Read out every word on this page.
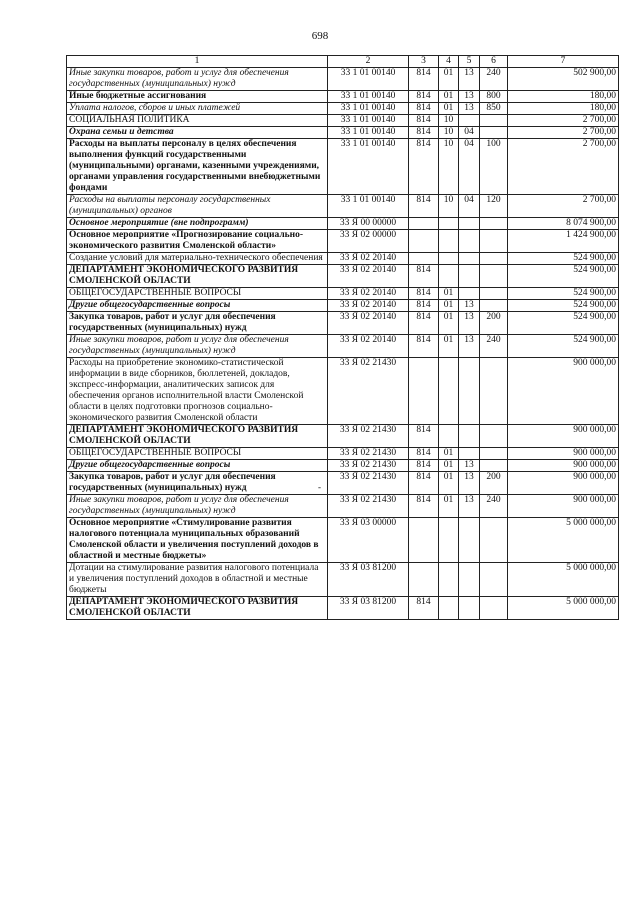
698
1	2	3	4	5	6	7
Иные закупки товаров, работ и услуг для обеспечения государственных (муниципальных) нужд	33 1 01 00140	814	01	13	240	502 900,00
Иные бюджетные ассигнования	33 1 01 00140	814	01	13	800	180,00
Уплата налогов, сборов и иных платежей	33 1 01 00140	814	01	13	850	180,00
СОЦИАЛЬНАЯ ПОЛИТИКА	33 1 01 00140	814	10			2 700,00
Охрана семьи и детства	33 1 01 00140	814	10	04		2 700,00
Расходы на выплаты персоналу в целях обеспечения выполнения функций государственными (муниципальными) органами, казенными учреждениями, органами управления государственными внебюджетными фондами	33 1 01 00140	814	10	04	100	2 700,00
Расходы на выплаты персоналу государственных (муниципальных) органов	33 1 01 00140	814	10	04	120	2 700,00
Основное мероприятие (вне подпрограмм)	33 Я 00 00000					8 074 900,00
Основное мероприятие «Прогнозирование социально-экономического развития Смоленской области»	33 Я 02 00000					1 424 900,00
Создание условий для материально-технического обеспечения	33 Я 02 20140					524 900,00
ДЕПАРТАМЕНТ ЭКОНОМИЧЕСКОГО РАЗВИТИЯ СМОЛЕНСКОЙ ОБЛАСТИ	33 Я 02 20140	814				524 900,00
ОБЩЕГОСУДАРСТВЕННЫЕ ВОПРОСЫ	33 Я 02 20140	814	01			524 900,00
Другие общегосударственные вопросы	33 Я 02 20140	814	01	13		524 900,00
Закупка товаров, работ и услуг для обеспечения государственных (муниципальных) нужд	33 Я 02 20140	814	01	13	200	524 900,00
Иные закупки товаров, работ и услуг для обеспечения государственных (муниципальных) нужд	33 Я 02 20140	814	01	13	240	524 900,00
Расходы на приобретение экономико-статистической информации в виде сборников, бюллетеней, докладов, экспресс-информации, аналитических записок для обеспечения органов исполнительной власти Смоленской области в целях подготовки прогнозов социально-экономического развития Смоленской области	33 Я 02 21430					900 000,00
ДЕПАРТАМЕНТ ЭКОНОМИЧЕСКОГО РАЗВИТИЯ СМОЛЕНСКОЙ ОБЛАСТИ	33 Я 02 21430	814				900 000,00
ОБЩЕГОСУДАРСТВЕННЫЕ ВОПРОСЫ	33 Я 02 21430	814	01			900 000,00
Другие общегосударственные вопросы	33 Я 02 21430	814	01	13		900 000,00
Закупка товаров, работ и услуг для обеспечения государственных (муниципальных) нужд	33 Я 02 21430	814	01	13	200	900 000,00
Иные закупки товаров, работ и услуг для обеспечения государственных (муниципальных) нужд	33 Я 02 21430	814	01	13	240	900 000,00
Основное мероприятие «Стимулирование развития налогового потенциала муниципальных образований Смоленской области и увеличения поступлений доходов в областной и местные бюджеты»	33 Я 03 00000					5 000 000,00
Дотации на стимулирование развития налогового потенциала и увеличения поступлений доходов в областной и местные бюджеты	33 Я 03 81200					5 000 000,00
ДЕПАРТАМЕНТ ЭКОНОМИЧЕСКОГО РАЗВИТИЯ СМОЛЕНСКОЙ ОБЛАСТИ	33 Я 03 81200	814				5 000 000,00
-
